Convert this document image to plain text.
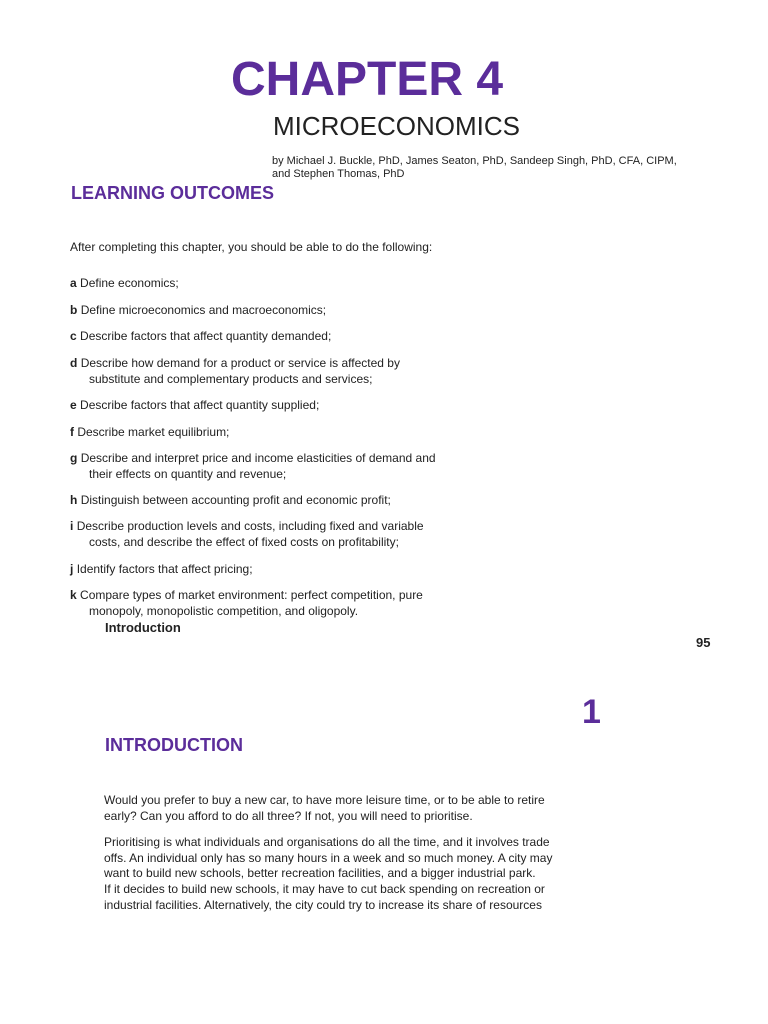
CHAPTER 4
MICROECONOMICS
by Michael J. Buckle, PhD, James Seaton, PhD, Sandeep Singh, PhD, CFA, CIPM,
and Stephen Thomas, PhD
LEARNING OUTCOMES

After completing this chapter, you should be able to do the following:

a Define economics;
b Define microeconomics and macroeconomics;
c Describe factors that affect quantity demanded;
d Describe how demand for a product or service is affected by
substitute and complementary products and services;
e Describe factors that affect quantity supplied;
f Describe market equilibrium;
g Describe and interpret price and income elasticities of demand and
their effects on quantity and revenue;
h Distinguish between accounting profit and economic profit;
i Describe production levels and costs, including fixed and variable
costs, and describe the effect of fixed costs on profitability;
j Identify factors that affect pricing;
k Compare types of market environment: perfect competition, pure
monopoly, monopolistic competition, and oligopoly.
Introduction
95
1
INTRODUCTION

Would you prefer to buy a new car, to have more leisure time, or to be able to retire
early? Can you afford to do all three? If not, you will need to prioritise.

Prioritising is what individuals and organisations do all the time, and it involves trade
offs. An individual only has so many hours in a week and so much money. A city may
want to build new schools, better recreation facilities, and a bigger industrial park.
If it decides to build new schools, it may have to cut back spending on recreation or
industrial facilities. Alternatively, the city could try to increase its share of resources
